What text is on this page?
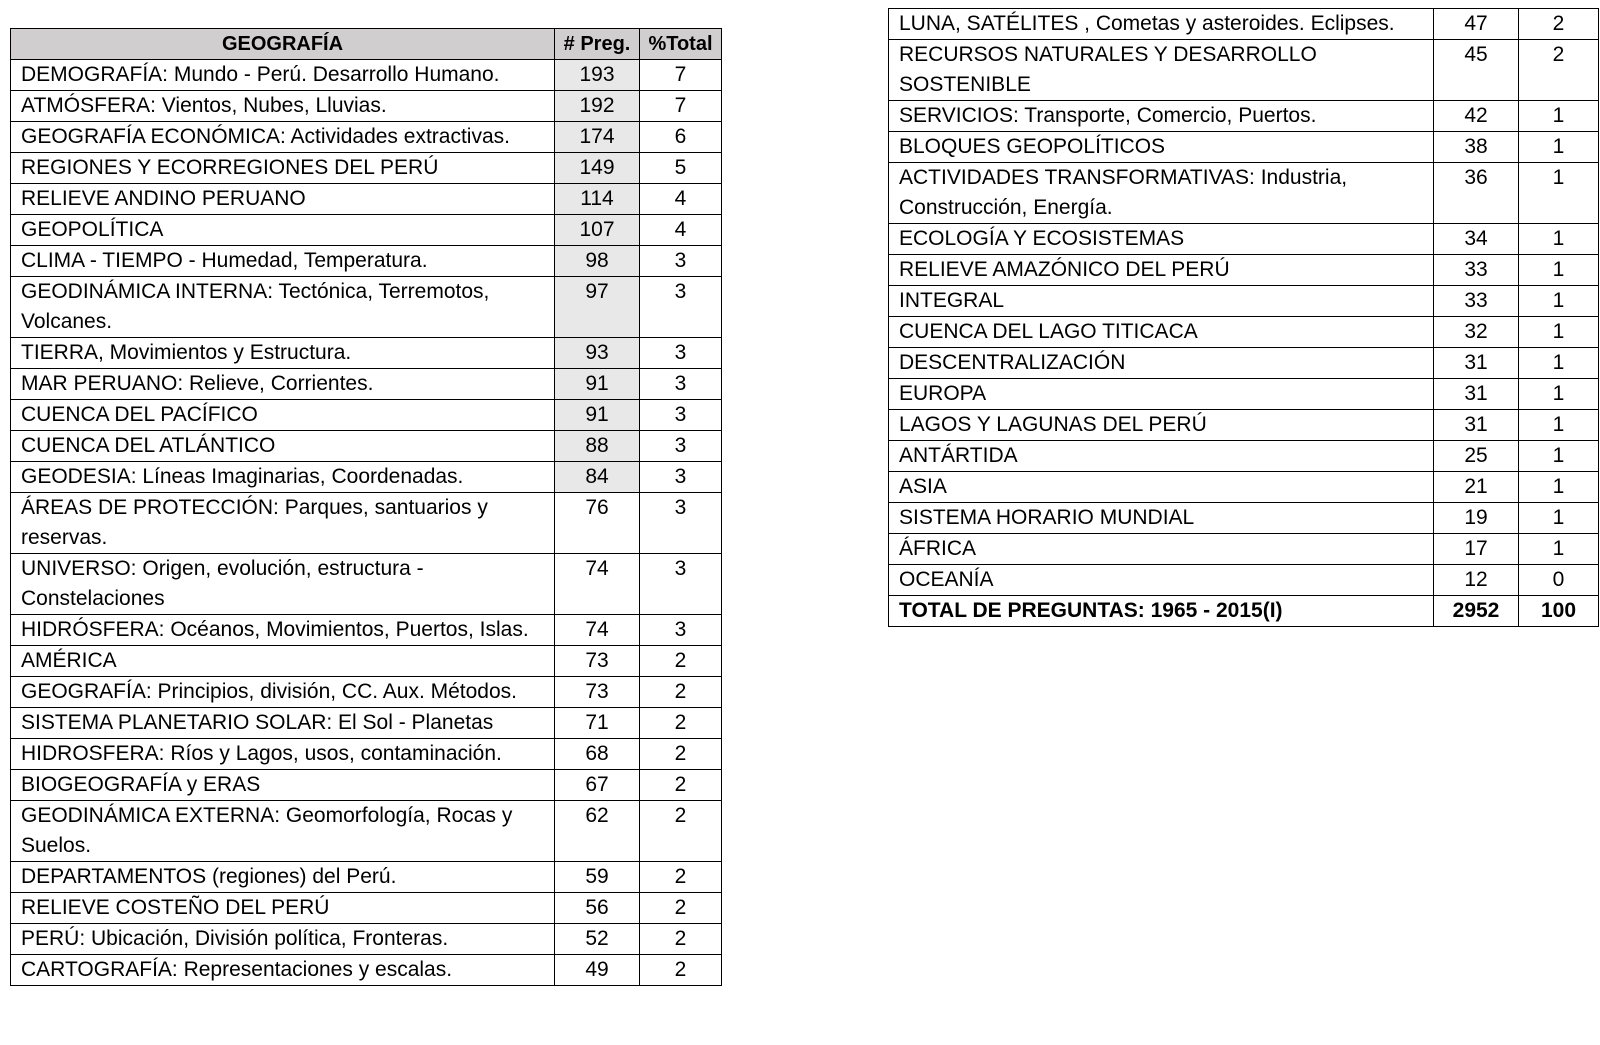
GEOGRAFÍA	# Preg.	%Total
DEMOGRAFÍA: Mundo - Perú. Desarrollo Humano.	193	7
ATMÓSFERA: Vientos, Nubes, Lluvias.	192	7
GEOGRAFÍA ECONÓMICA: Actividades extractivas.	174	6
REGIONES Y ECORREGIONES DEL PERÚ	149	5
RELIEVE ANDINO PERUANO	114	4
GEOPOLÍTICA	107	4
CLIMA - TIEMPO - Humedad, Temperatura.	98	3
GEODINÁMICA INTERNA: Tectónica, Terremotos, Volcanes.	97	3
TIERRA, Movimientos y Estructura.	93	3
MAR PERUANO: Relieve, Corrientes.	91	3
CUENCA DEL PACÍFICO	91	3
CUENCA DEL ATLÁNTICO	88	3
GEODESIA: Líneas Imaginarias, Coordenadas.	84	3
ÁREAS DE PROTECCIÓN: Parques, santuarios y reservas.	76	3
UNIVERSO: Origen, evolución, estructura - Constelaciones	74	3
HIDRÓSFERA: Océanos, Movimientos, Puertos, Islas.	74	3
AMÉRICA	73	2
GEOGRAFÍA: Principios, división, CC. Aux. Métodos.	73	2
SISTEMA PLANETARIO SOLAR: El Sol - Planetas	71	2
HIDROSFERA: Ríos y Lagos, usos, contaminación.	68	2
BIOGEOGRAFÍA y ERAS	67	2
GEODINÁMICA EXTERNA: Geomorfología, Rocas y Suelos.	62	2
DEPARTAMENTOS (regiones) del Perú.	59	2
RELIEVE COSTEÑO DEL PERÚ	56	2
PERÚ: Ubicación, División política, Fronteras.	52	2
CARTOGRAFÍA: Representaciones y escalas.	49	2
LUNA, SATÉLITES , Cometas y asteroides. Eclipses.	47	2
RECURSOS NATURALES Y DESARROLLO SOSTENIBLE	45	2
SERVICIOS: Transporte, Comercio, Puertos.	42	1
BLOQUES GEOPOLÍTICOS	38	1
ACTIVIDADES TRANSFORMATIVAS: Industria, Construcción, Energía.	36	1
ECOLOGÍA Y ECOSISTEMAS	34	1
RELIEVE AMAZÓNICO DEL PERÚ	33	1
INTEGRAL	33	1
CUENCA DEL LAGO TITICACA	32	1
DESCENTRALIZACIÓN	31	1
EUROPA	31	1
LAGOS Y LAGUNAS DEL PERÚ	31	1
ANTÁRTIDA	25	1
ASIA	21	1
SISTEMA HORARIO MUNDIAL	19	1
ÁFRICA	17	1
OCEANÍA	12	0
TOTAL DE PREGUNTAS: 1965 - 2015(I)	2952	100
